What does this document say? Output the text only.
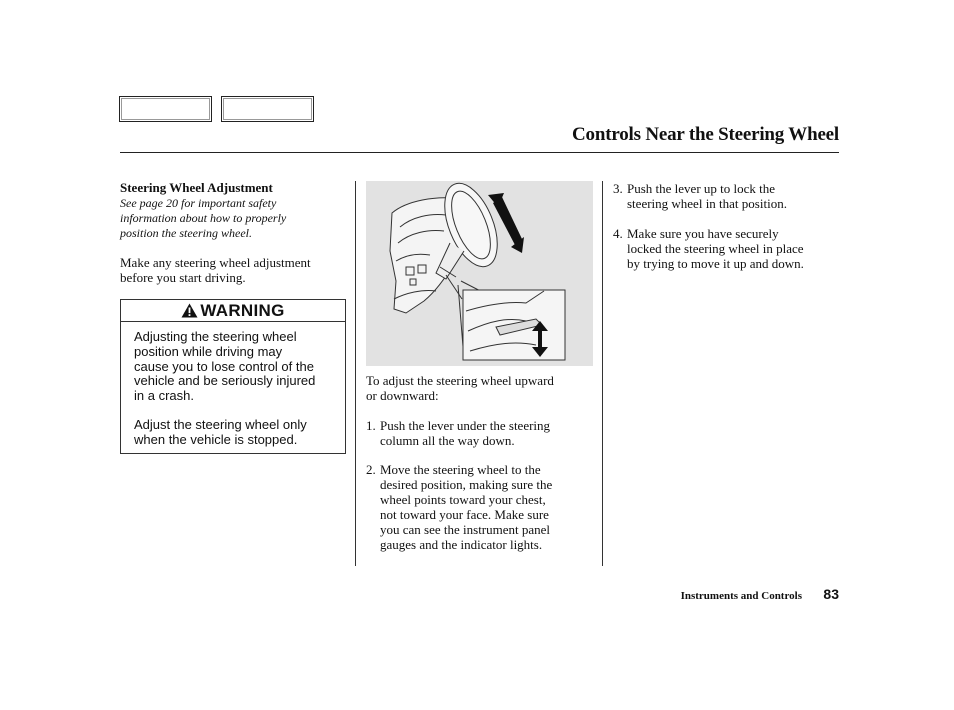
Controls Near the Steering Wheel
Steering Wheel Adjustment
See page 20 for important safety
information about how to properly
position the steering wheel.
Make any steering wheel adjustment
before you start driving.
WARNING
Adjusting the steering wheel
position while driving may
cause you to lose control of the
vehicle and be seriously injured
in a crash.
Adjust the steering wheel only
when the vehicle is stopped.
To adjust the steering wheel upward
or downward:
1. Push the lever under the steering
column all the way down.
2. Move the steering wheel to the
desired position, making sure the
wheel points toward your chest,
not toward your face. Make sure
you can see the instrument panel
gauges and the indicator lights.
3. Push the lever up to lock the
steering wheel in that position.
4. Make sure you have securely
locked the steering wheel in place
by trying to move it up and down.
Instruments and Controls 83
